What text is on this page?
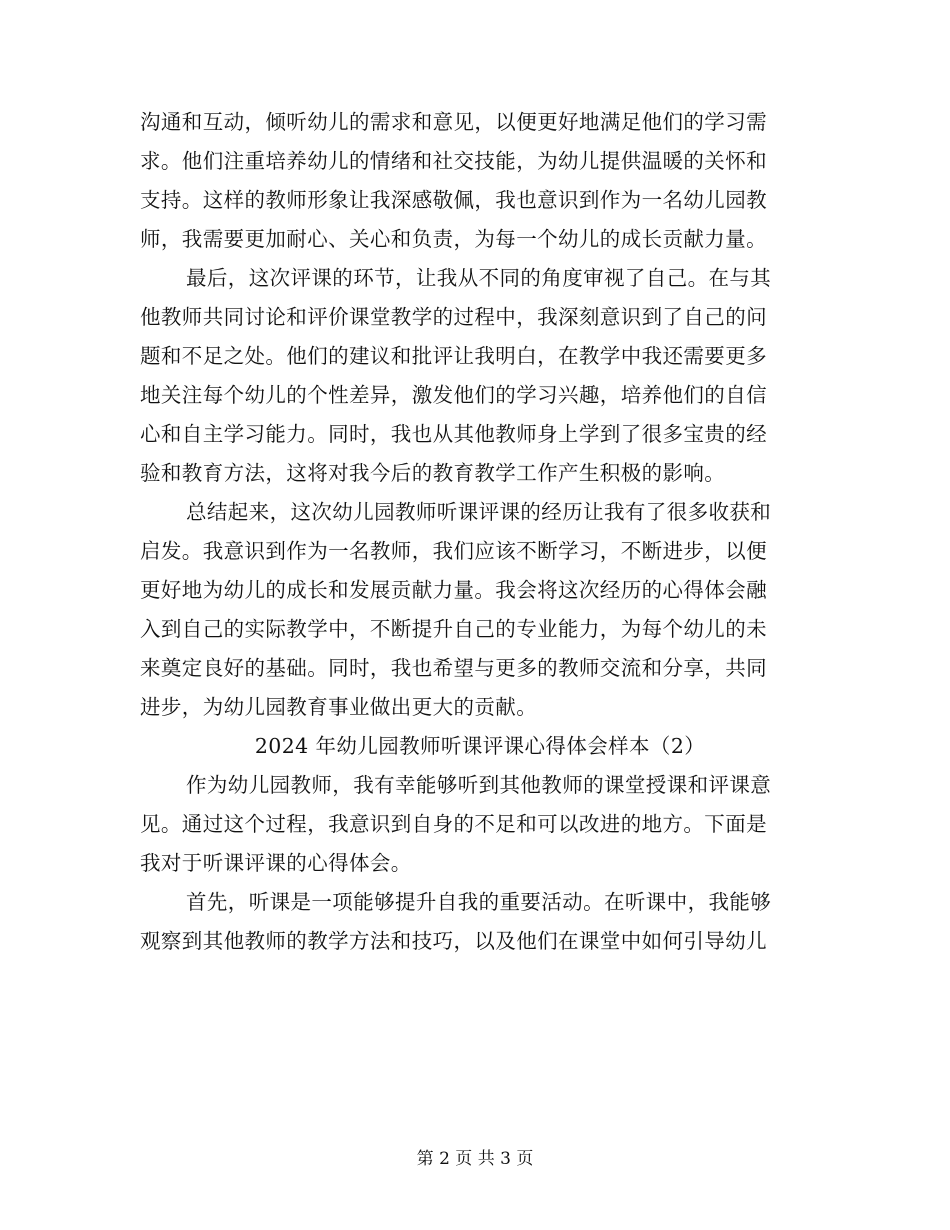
沟通和互动，倾听幼儿的需求和意见，以便更好地满足他们的学习需
求。他们注重培养幼儿的情绪和社交技能，为幼儿提供温暖的关怀和
支持。这样的教师形象让我深感敬佩，我也意识到作为一名幼儿园教
师，我需要更加耐心、关心和负责，为每一个幼儿的成长贡献力量。
最后，这次评课的环节，让我从不同的角度审视了自己。在与其
他教师共同讨论和评价课堂教学的过程中，我深刻意识到了自己的问
题和不足之处。他们的建议和批评让我明白，在教学中我还需要更多
地关注每个幼儿的个性差异，激发他们的学习兴趣，培养他们的自信
心和自主学习能力。同时，我也从其他教师身上学到了很多宝贵的经
验和教育方法，这将对我今后的教育教学工作产生积极的影响。
总结起来，这次幼儿园教师听课评课的经历让我有了很多收获和
启发。我意识到作为一名教师，我们应该不断学习，不断进步，以便
更好地为幼儿的成长和发展贡献力量。我会将这次经历的心得体会融
入到自己的实际教学中，不断提升自己的专业能力，为每个幼儿的未
来奠定良好的基础。同时，我也希望与更多的教师交流和分享，共同
进步，为幼儿园教育事业做出更大的贡献。
2024 年幼儿园教师听课评课心得体会样本（2）
作为幼儿园教师，我有幸能够听到其他教师的课堂授课和评课意
见。通过这个过程，我意识到自身的不足和可以改进的地方。下面是
我对于听课评课的心得体会。
首先，听课是一项能够提升自我的重要活动。在听课中，我能够
观察到其他教师的教学方法和技巧，以及他们在课堂中如何引导幼儿
第 2 页 共 3 页
